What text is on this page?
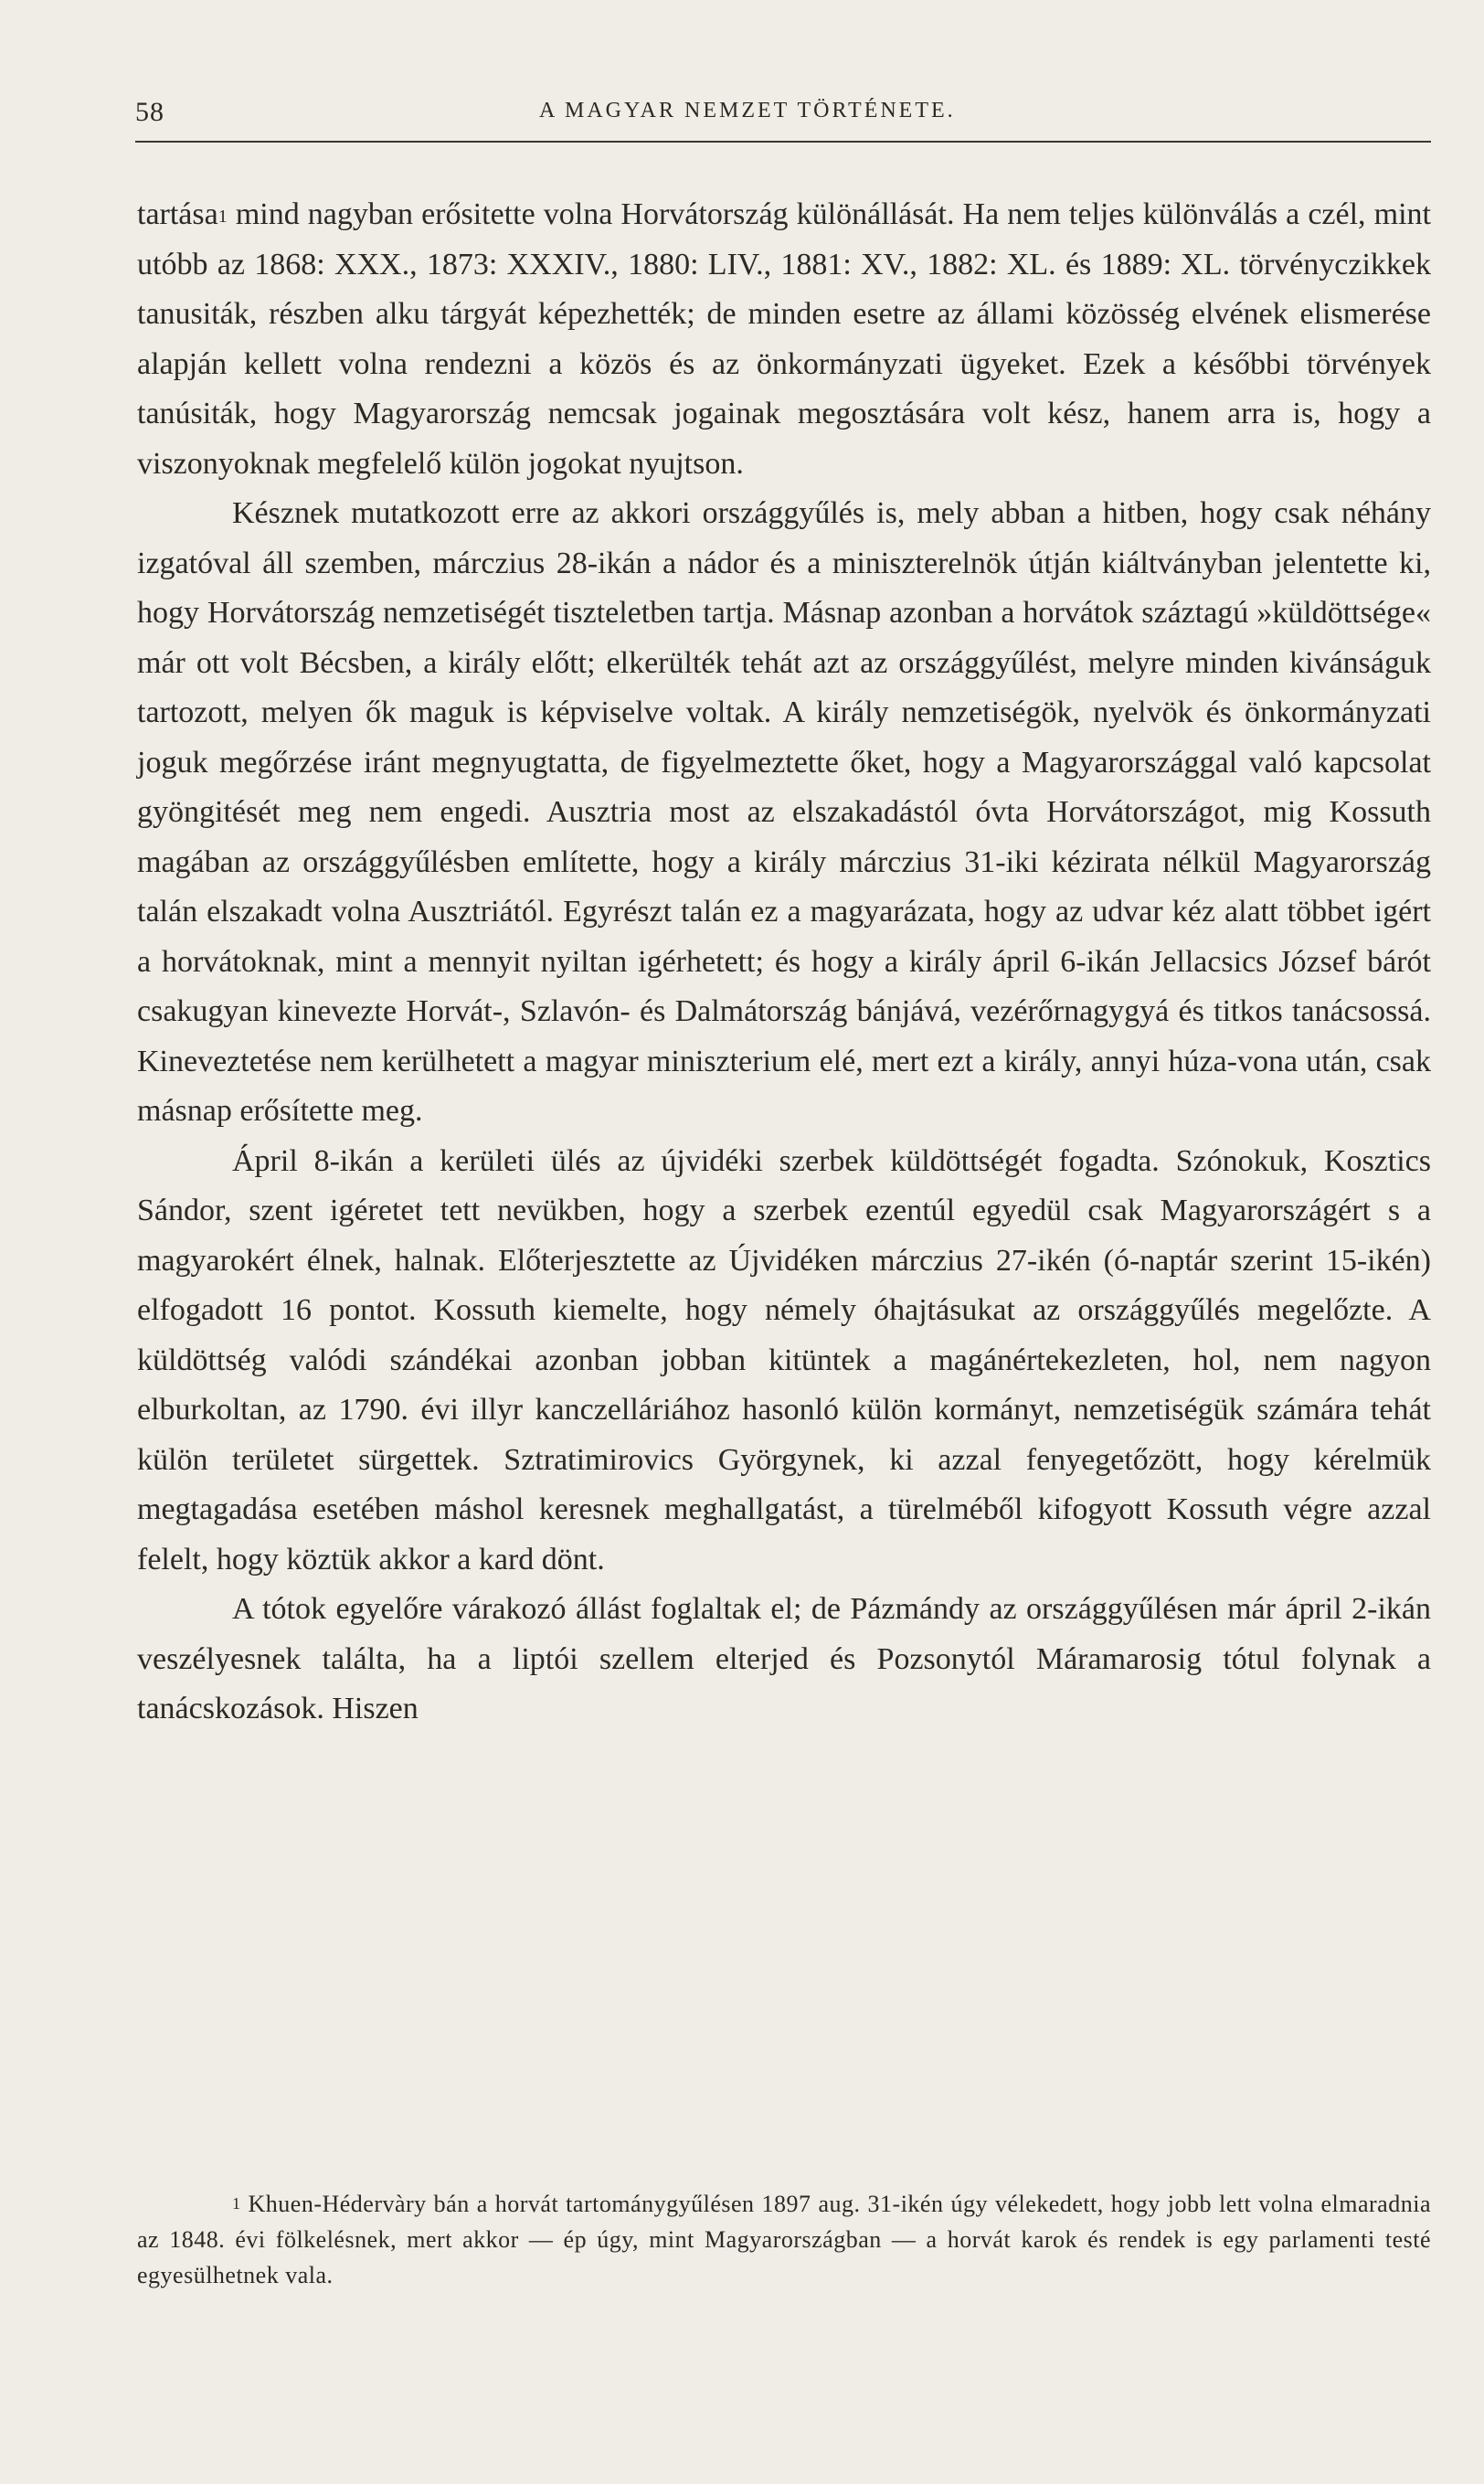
58	A MAGYAR NEMZET TÖRTÉNETE.

tartása$^1$ mind nagyban erősitette volna Horvátország különállását. Ha nem teljes különválás a czél, mint utóbb az 1868: XXX., 1873: XXXIV., 1880: LIV., 1881: XV., 1882: XL. és 1889: XL. törvényczikkek tanusiták, részben alku tárgyát képezhették; de minden esetre az állami közösség elvének elismerése alapján kellett volna rendezni a közös és az önkormányzati ügyeket. Ezek a későbbi törvények tanúsiták, hogy Magyarország nemcsak jogainak megosztására volt kész, hanem arra is, hogy a viszonyoknak megfelelő külön jogokat nyujtson.

Késznek mutatkozott erre az akkori országgyűlés is, mely abban a hitben, hogy csak néhány izgatóval áll szemben, márczius 28-ikán a nádor és a miniszterelnök útján kiáltványban jelentette ki, hogy Horvátország nemzetiségét tiszteletben tartja. Másnap azonban a horvátok száztagú »küldöttsége« már ott volt Bécsben, a király előtt; elkerülték tehát azt az országgyűlést, melyre minden kivánságuk tartozott, melyen ők maguk is képviselve voltak. A király nemzetiségök, nyelvök és önkormányzati joguk megőrzése iránt megnyugtatta, de figyelmeztette őket, hogy a Magyarországgal való kapcsolat gyöngitését meg nem engedi. Ausztria most az elszakadástól óvta Horvátországot, mig Kossuth magában az országgyűlésben említette, hogy a király márczius 31-iki kézirata nélkül Magyarország talán elszakadt volna Ausztriától. Egyrészt talán ez a magyarázata, hogy az udvar kéz alatt többet igért a horvátoknak, mint a mennyit nyiltan igérhetett; és hogy a király ápril 6-ikán Jellacsics József bárót csakugyan kinevezte Horvát-, Szlavón- és Dalmátország bánjává, vezérőrnagygyá és titkos tanácsossá. Kineveztetése nem kerülhetett a magyar miniszterium elé, mert ezt a király, annyi húza-vona után, csak másnap erősítette meg.

Ápril 8-ikán a kerületi ülés az újvidéki szerbek küldöttségét fogadta. Szónokuk, Kosztics Sándor, szent igéretet tett nevükben, hogy a szerbek ezentúl egyedül csak Magyarországért s a magyarokért élnek, halnak. Előterjesztette az Újvidéken márczius 27-ikén (ó-naptár szerint 15-ikén) elfogadott 16 pontot. Kossuth kiemelte, hogy némely óhajtásukat az országgyűlés megelőzte. A küldöttség valódi szándékai azonban jobban kitüntek a magánértekezleten, hol, nem nagyon elburkoltan, az 1790. évi illyr kanczelláriához hasonló külön kormányt, nemzetiségük számára tehát külön területet sürgettek. Sztratimirovics Györgynek, ki azzal fenyegetőzött, hogy kérelmük megtagadása esetében máshol keresnek meghallgatást, a türelméből kifogyott Kossuth végre azzal felelt, hogy köztük akkor a kard dönt.

A tótok egyelőre várakozó állást foglaltak el; de Pázmándy az országgyűlésen már ápril 2-ikán veszélyesnek találta, ha a liptói szellem elterjed és Pozsonytól Máramarosig tótul folynak a tanácskozások. Hiszen

$^1$ Khuen-Hédervàry bán a horvát tartománygyűlésen 1897 aug. 31-ikén úgy vélekedett, hogy jobb lett volna elmaradnia az 1848. évi fölkelésnek, mert akkor — ép úgy, mint Magyarországban — a horvát karok és rendek is egy parlamenti testé egyesülhetnek vala.
